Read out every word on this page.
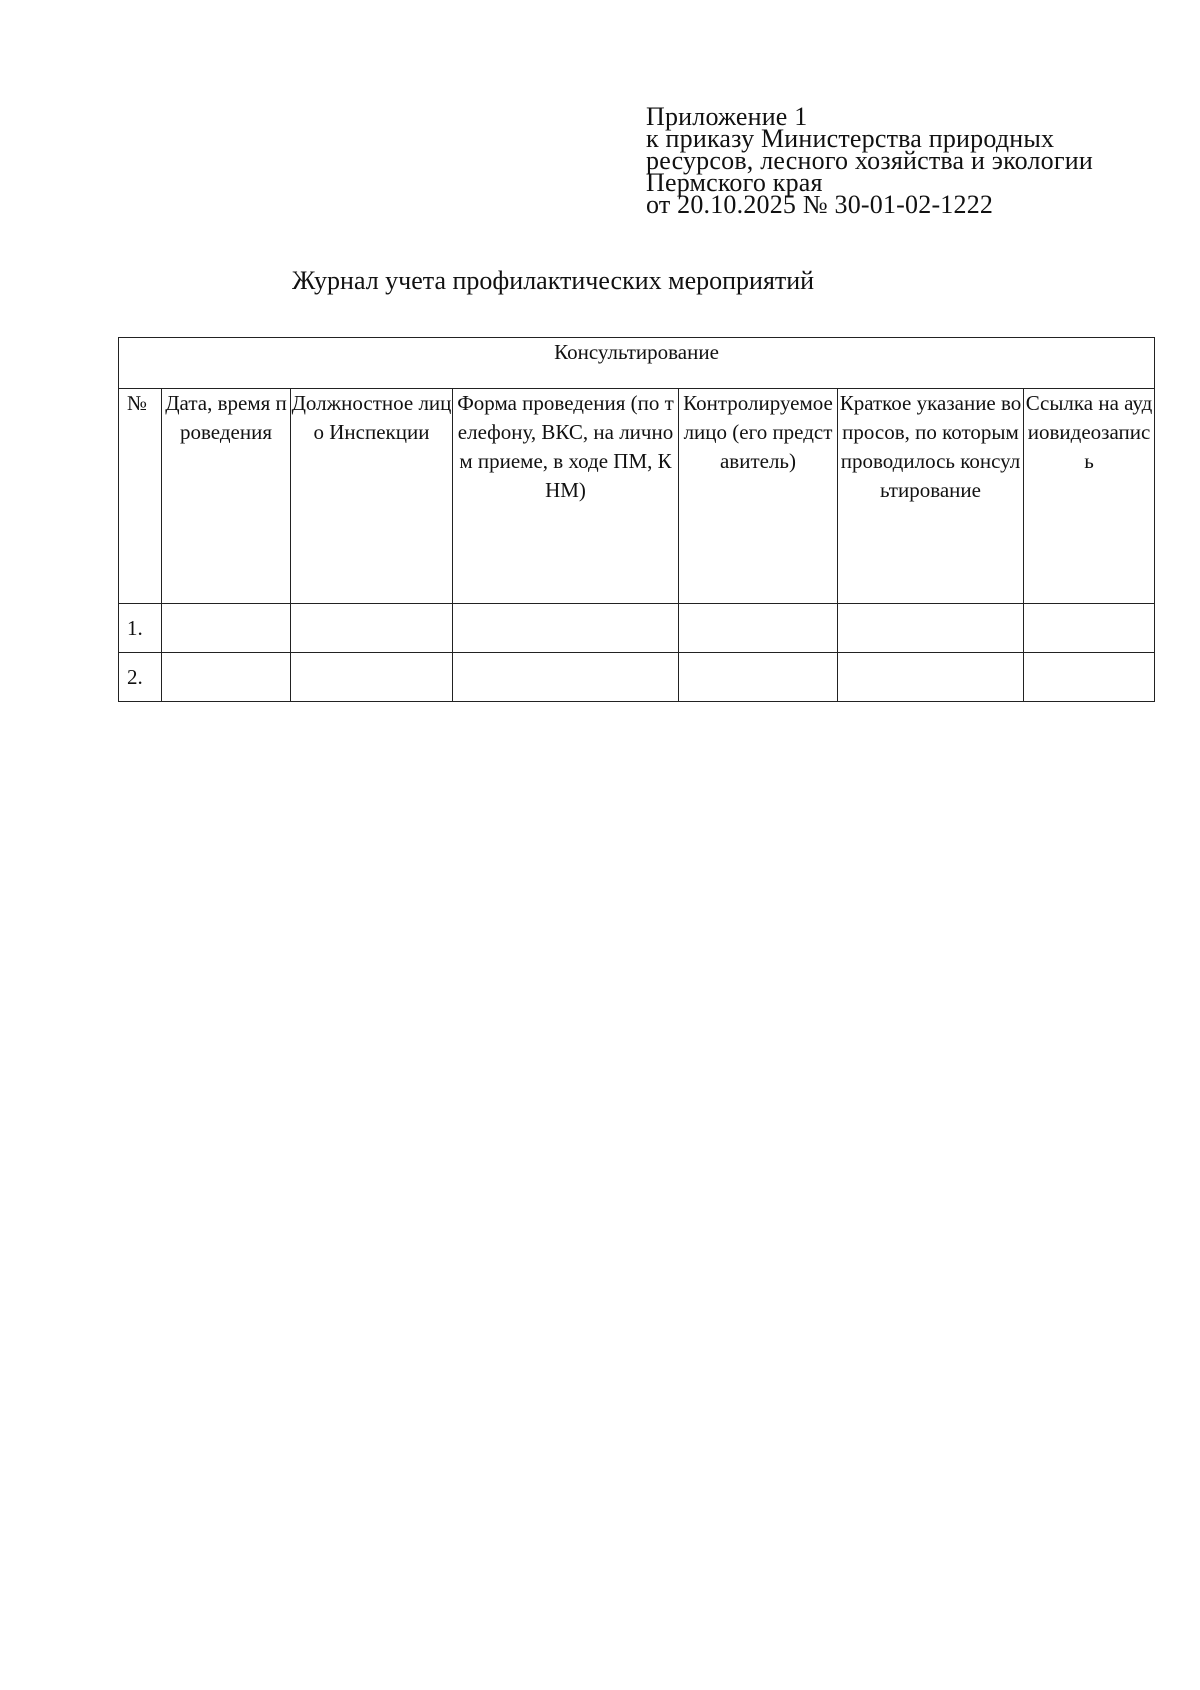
Приложение 1
к приказу Министерства природных
ресурсов, лесного хозяйства и экологии
Пермского края
от 20.10.2025 № 30-01-02-1222
Журнал учета профилактических мероприятий
Консультирование						

№	Дата, время проведения	Должностное лицо Инспекции	Форма проведения (по телефону, ВКС, на личном приеме, в ходе ПМ, КНМ)	Контролируемое лицо (его представитель)	Краткое указание вопросов, по которым проводилось консультирование	Ссылка на аудиовидеозапись

1.						
2.						
